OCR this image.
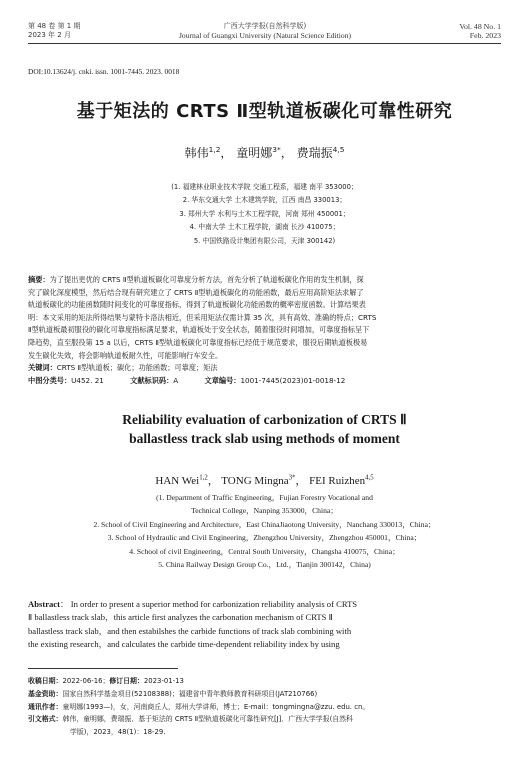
第 48 卷 第 1 期
2023 年 2 月
广西大学学报(自然科学版)
Journal of Guangxi University (Natural Science Edition)
Vol. 48 No. 1
Feb. 2023
DOI:10.13624/j. cnki. issn. 1001-7445. 2023. 0018
基于矩法的 CRTS Ⅱ型轨道板碳化可靠性研究
韩伟$^{1,2}$， 童明娜$^{3*}$， 费瑞振$^{4,5}$
(1. 福建林业职业技术学院 交通工程系，福建 南平 353000；
2. 华东交通大学 土木建筑学院，江西 南昌 330013；
3. 郑州大学 水利与土木工程学院，河南 郑州 450001；
4. 中南大学 土木工程学院，湖南 长沙 410075；
5. 中国铁路设计集团有限公司，天津 300142)
摘要：为了提出更优的 CRTS Ⅱ型轨道板碳化可靠度分析方法，首先分析了轨道板碳化作用的发生机制，探
究了碳化深度模型，然后结合现有研究建立了 CRTS Ⅱ型轨道板碳化的功能函数，最后应用高阶矩法求解了
轨道板碳化的功能函数随时间变化的可靠度指标，得到了轨道板碳化功能函数的概率密度函数。计算结果表
明：本文采用的矩法所得结果与蒙特卡洛法相近，但采用矩法仅需计算 35 次，具有高效、准确的特点；CRTS
Ⅱ型轨道板最初服役的碳化可靠度指标满足要求，轨道板处于安全状态，随着服役时间增加，可靠度指标呈下
降趋势，直至服役第 15 a 以后，CRTS Ⅱ型轨道板碳化可靠度指标已经低于规范要求，服役后期轨道板极易
发生碳化失效，将会影响轨道板耐久性，可能影响行车安全。
关键词：CRTS Ⅱ型轨道板；碳化；功能函数；可靠度；矩法
中图分类号：U452. 21	文献标识码：A	文章编号：1001-7445(2023)01-0018-12
Reliability evaluation of carbonization of CRTS Ⅱ
ballastless track slab using methods of moment
HAN Wei$^{1,2}$， TONG Mingna$^{3*}$， FEI Ruizhen$^{4,5}$
(1. Department of Traffic Engineering，Fujian Forestry Vocational and
Technical College，Nanping 353000，China；
2. School of Civil Engineering and Architecture，East ChinaJiaotong University，Nanchang 330013，China；
3. School of Hydraulic and Civil Engineering，Zhengzhou University，Zhengzhou 450001，China；
4. School of civil Engineering，Central South University，Changsha 410075，China；
5. China Railway Design Group Co.，Ltd.，Tianjin 300142，China)
Abstract： In order to present a superior method for carbonization reliability analysis of CRTS
Ⅱ ballastless track slab，this article first analyzes the carbonation mechanism of CRTS Ⅱ
ballastless track slab，and then estabilshes the carbide functions of track slab combining with
the existing research，and calculates the carbide time-dependent reliability index by using
收稿日期：2022-06-16；修订日期：2023-01-13
基金资助：国家自然科学基金项目(52108388)；福建省中青年教师教育科研项目(JAT210766)
通讯作者：童明娜(1993—)，女，河南商丘人，郑州大学讲师，博士；E-mail：tongmingna@zzu. edu. cn。
引文格式：韩伟，童明娜，费瑞振．基于矩法的 CRTS Ⅱ型轨道板碳化可靠性研究[J]．广西大学学报(自然科
学版)，2023，48(1)：18-29.
